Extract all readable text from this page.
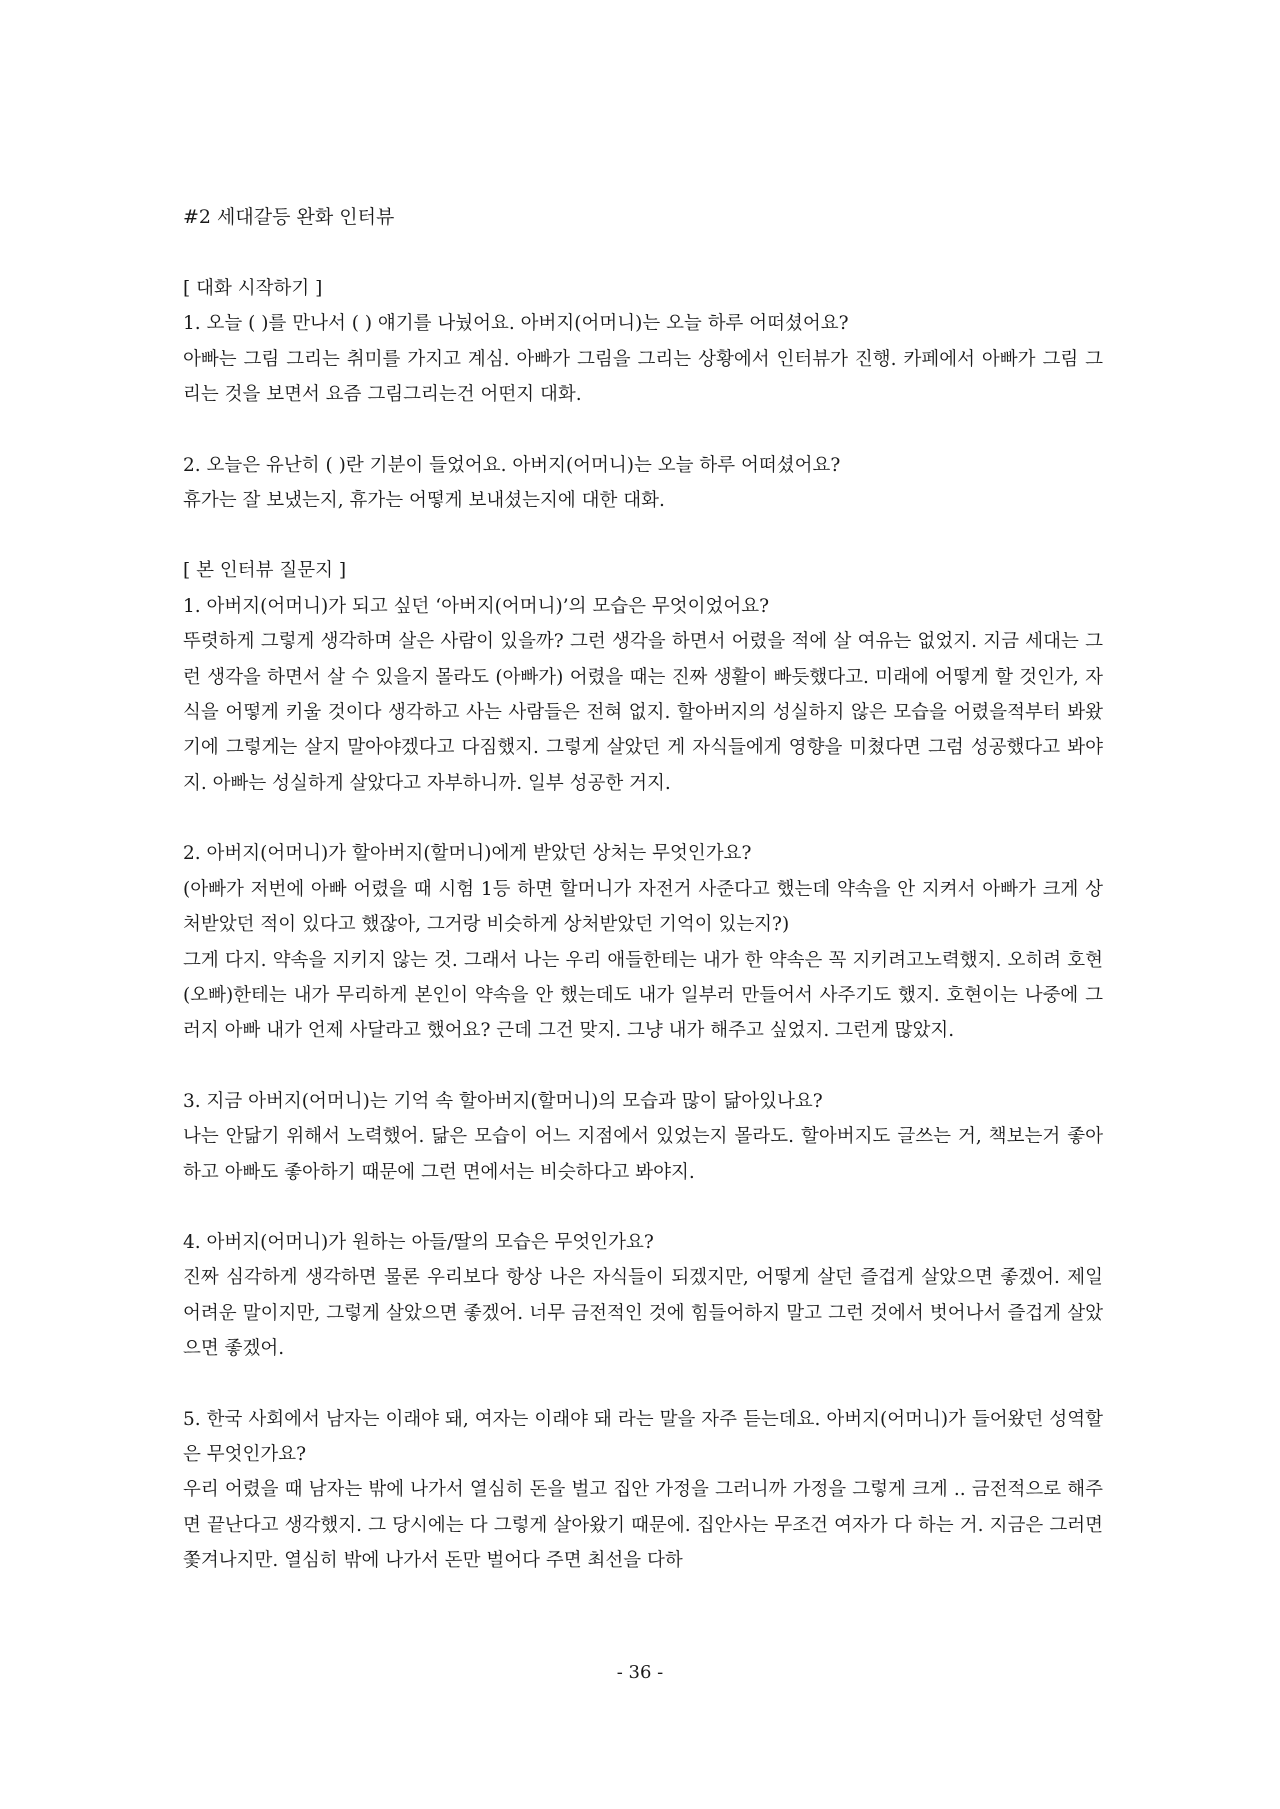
#2 세대갈등 완화 인터뷰

[ 대화 시작하기 ]

1. 오늘 ( )를 만나서 ( ) 얘기를 나눴어요. 아버지(어머니)는 오늘 하루 어떠셨어요?

아빠는 그림 그리는 취미를 가지고 계심. 아빠가 그림을 그리는 상황에서 인터뷰가 진행. 카페에서 아빠가 그림 그리는 것을 보면서 요즘 그림그리는건 어떤지 대화.

2. 오늘은 유난히 ( )란 기분이 들었어요. 아버지(어머니)는 오늘 하루 어떠셨어요?

휴가는 잘 보냈는지, 휴가는 어떻게 보내셨는지에 대한 대화.

[ 본 인터뷰 질문지 ]

1. 아버지(어머니)가 되고 싶던 ‘아버지(어머니)’의 모습은 무엇이었어요?

뚜렷하게 그렇게 생각하며 살은 사람이 있을까? 그런 생각을 하면서 어렸을 적에 살 여유는 없었지. 지금 세대는 그런 생각을 하면서 살 수 있을지 몰라도 (아빠가) 어렸을 때는 진짜 생활이 빠듯했다고. 미래에 어떻게 할 것인가, 자식을 어떻게 키울 것이다 생각하고 사는 사람들은 전혀 없지. 할아버지의 성실하지 않은 모습을 어렸을적부터 봐왔기에 그렇게는 살지 말아야겠다고 다짐했지. 그렇게 살았던 게 자식들에게 영향을 미쳤다면 그럼 성공했다고 봐야지. 아빠는 성실하게 살았다고 자부하니까. 일부 성공한 거지.

2. 아버지(어머니)가 할아버지(할머니)에게 받았던 상처는 무엇인가요?

(아빠가 저번에 아빠 어렸을 때 시험 1등 하면 할머니가 자전거 사준다고 했는데 약속을 안 지켜서 아빠가 크게 상처받았던 적이 있다고 했잖아, 그거랑 비슷하게 상처받았던 기억이 있는지?)

그게 다지. 약속을 지키지 않는 것. 그래서 나는 우리 애들한테는 내가 한 약속은 꼭 지키려고노력했지. 오히려 호현(오빠)한테는 내가 무리하게 본인이 약속을 안 했는데도 내가 일부러 만들어서 사주기도 했지. 호현이는 나중에 그러지 아빠 내가 언제 사달라고 했어요? 근데 그건 맞지. 그냥 내가 해주고 싶었지. 그런게 많았지.

3. 지금 아버지(어머니)는 기억 속 할아버지(할머니)의 모습과 많이 닮아있나요?

나는 안닮기 위해서 노력했어. 닮은 모습이 어느 지점에서 있었는지 몰라도. 할아버지도 글쓰는 거, 책보는거 좋아하고 아빠도 좋아하기 때문에 그런 면에서는 비슷하다고 봐야지.

4. 아버지(어머니)가 원하는 아들/딸의 모습은 무엇인가요?

진짜 심각하게 생각하면 물론 우리보다 항상 나은 자식들이 되겠지만, 어떻게 살던 즐겁게 살았으면 좋겠어. 제일 어려운 말이지만, 그렇게 살았으면 좋겠어. 너무 금전적인 것에 힘들어하지 말고 그런 것에서 벗어나서 즐겁게 살았으면 좋겠어.

5. 한국 사회에서 남자는 이래야 돼, 여자는 이래야 돼 라는 말을 자주 듣는데요. 아버지(어머니)가 들어왔던 성역할은 무엇인가요?

우리 어렸을 때 남자는 밖에 나가서 열심히 돈을 벌고 집안 가정을 그러니까 가정을 그렇게 크게 .. 금전적으로 해주면 끝난다고 생각했지. 그 당시에는 다 그렇게 살아왔기 때문에. 집안사는 무조건 여자가 다 하는 거. 지금은 그러면 쫓겨나지만. 열심히 밖에 나가서 돈만 벌어다 주면 최선을 다하

- 36 -
